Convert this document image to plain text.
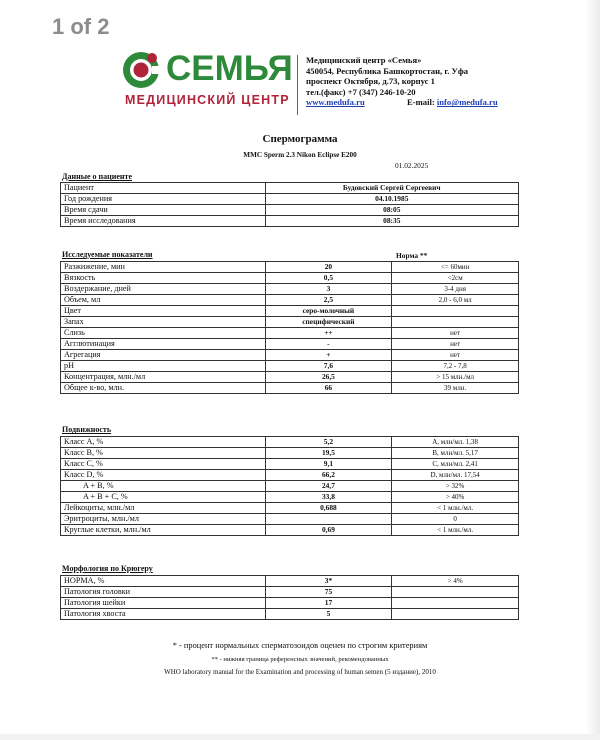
1 of 2
СЕМЬЯ
МЕДИЦИНСКИЙ ЦЕНТР
Медицинский центр «Семья»
450054, Республика Башкортостан, г. Уфа
проспект Октября, д.73, корпус 1
тел.(факс) +7 (347) 246-10-20
www.medufa.ru	E-mail: info@medufa.ru
Спермограмма
MMC Sperm 2.3 Nikon Eclipse E200
01.02.2025
Данные о пациенте
Пациент	Будовский Сергей Сергеевич
Год рождения	04.10.1985
Время сдачи	08:05
Время исследования	08:35
Исследуемые показатели	Норма **
Разжижение, мин	20	<= 60мин
Вязкость	0,5	<2см
Воздержание, дней	3	3-4 дня
Объем, мл	2,5	2,0 - 6,0 мл
Цвет	серо-молочный	
Запах	специфический	
Слизь	++	нет
Агглютинация	-	нет
Агрегация	+	нет
pH	7,6	7,2 - 7,8
Концентрация, млн./мл	26,5	> 15 млн./мл
Общее к-во, млн.	66	39 млн.
Подвижность
Класс A, %	5,2	A, млн/мл. 1,38
Класс B, %	19,5	B, млн/мл. 5,17
Класс C, %	9,1	C, млн/мл. 2,41
Класс D, %	66,2	D, млн/мл. 17,54
A + B, %	24,7	> 32%
A + B + C, %	33,8	> 40%
Лейкоциты, млн./мл	0,688	< 1 млн./мл.
Эритроциты, млн./мл		0
Круглые клетки, млн./мл	0,69	< 1 млн./мл.
Морфология по Крюгеру
НОРМА, %	3*	> 4%
Патология головки	75	
Патология шейки	17	
Патология хвоста	5	
* - процент нормальных сперматозоидов оценен по строгим критериям
** - нижняя граница референсных значений, рекомендованных
WHO laboratory manual for the Examination and processing of human semen (5 издание), 2010
